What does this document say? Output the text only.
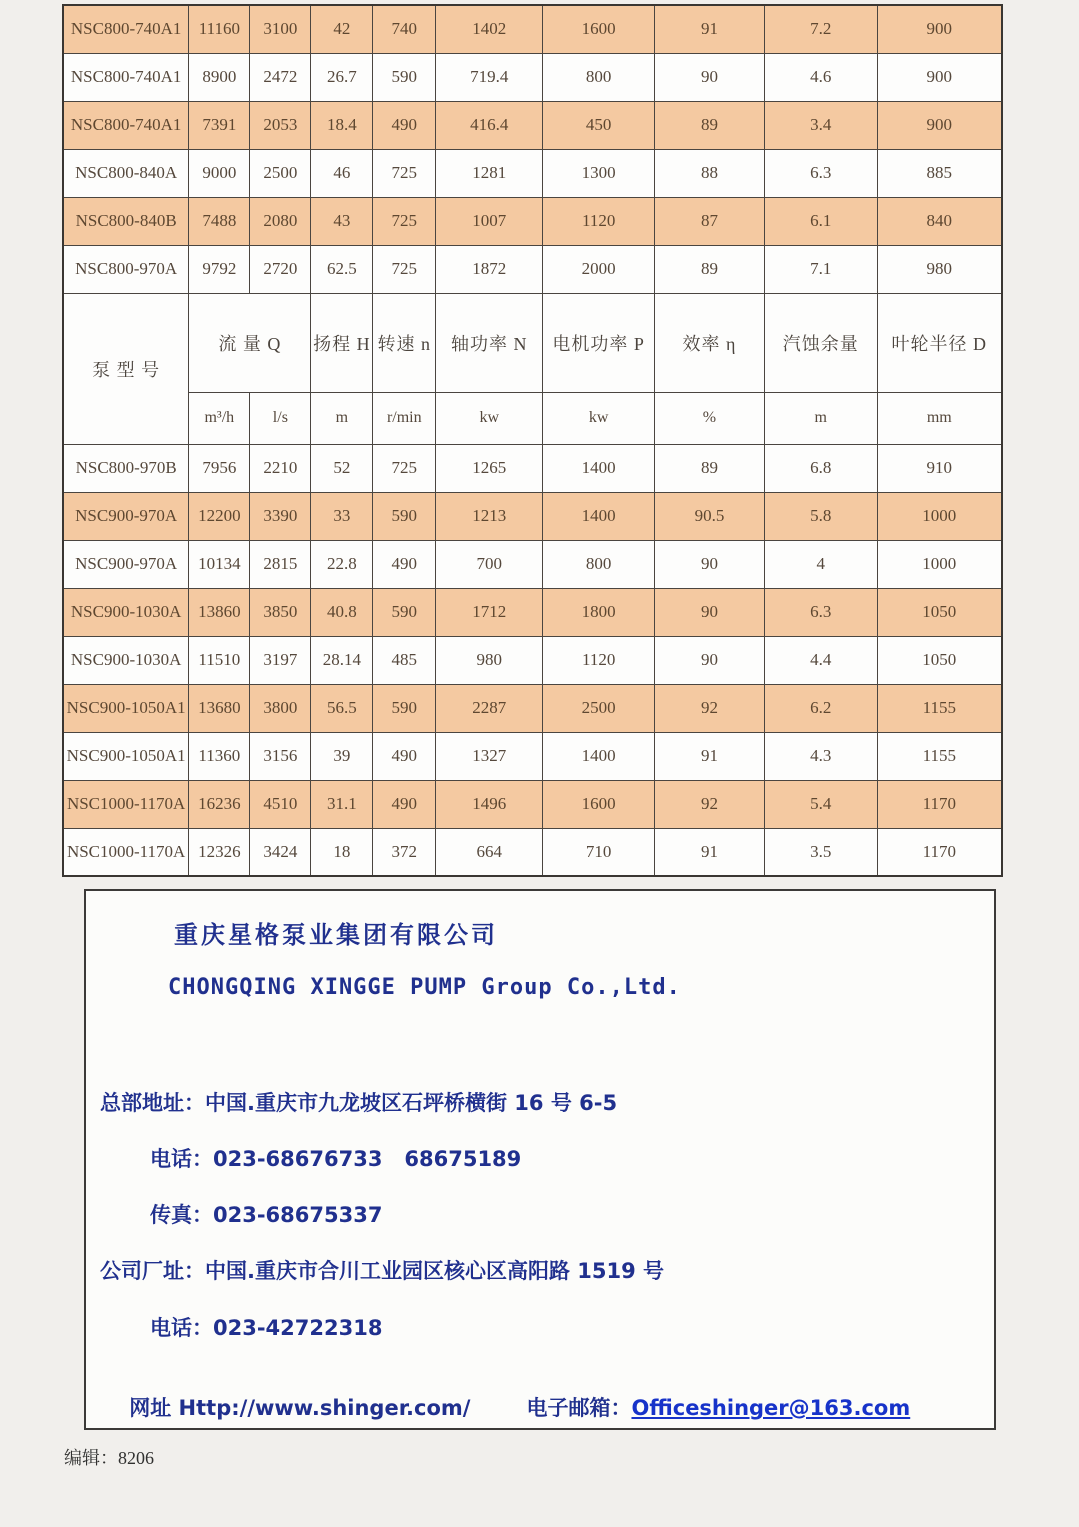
NSC800-740A1	11160	3100	42	740	1402	1600	91	7.2	900
NSC800-740A1	8900	2472	26.7	590	719.4	800	90	4.6	900
NSC800-740A1	7391	2053	18.4	490	416.4	450	89	3.4	900
NSC800-840A	9000	2500	46	725	1281	1300	88	6.3	885
NSC800-840B	7488	2080	43	725	1007	1120	87	6.1	840
NSC800-970A	9792	2720	62.5	725	1872	2000	89	7.1	980
泵 型 号	流 量 Q		扬程 H	转速 n	轴功率 N	电机功率 P	效率 η	汽蚀余量	叶轮半径 D
	m³/h	l/s	m	r/min	kw	kw	%	m	mm
NSC800-970B	7956	2210	52	725	1265	1400	89	6.8	910
NSC900-970A	12200	3390	33	590	1213	1400	90.5	5.8	1000
NSC900-970A	10134	2815	22.8	490	700	800	90	4	1000
NSC900-1030A	13860	3850	40.8	590	1712	1800	90	6.3	1050
NSC900-1030A	11510	3197	28.14	485	980	1120	90	4.4	1050
NSC900-1050A1	13680	3800	56.5	590	2287	2500	92	6.2	1155
NSC900-1050A1	11360	3156	39	490	1327	1400	91	4.3	1155
NSC1000-1170A	16236	4510	31.1	490	1496	1600	92	5.4	1170
NSC1000-1170A	12326	3424	18	372	664	710	91	3.5	1170
重庆星格泵业集团有限公司
CHONGQING XINGGE PUMP Group Co.,Ltd.
总部地址：中国.重庆市九龙坡区石坪桥横街 16 号 6-5
电话：023-68676733   68675189
传真：023-68675337
公司厂址：中国.重庆市合川工业园区核心区高阳路 1519 号
电话：023-42722318

网址 Http://www.shinger.com/	电子邮箱：Officeshinger@163.com

编辑：8206
